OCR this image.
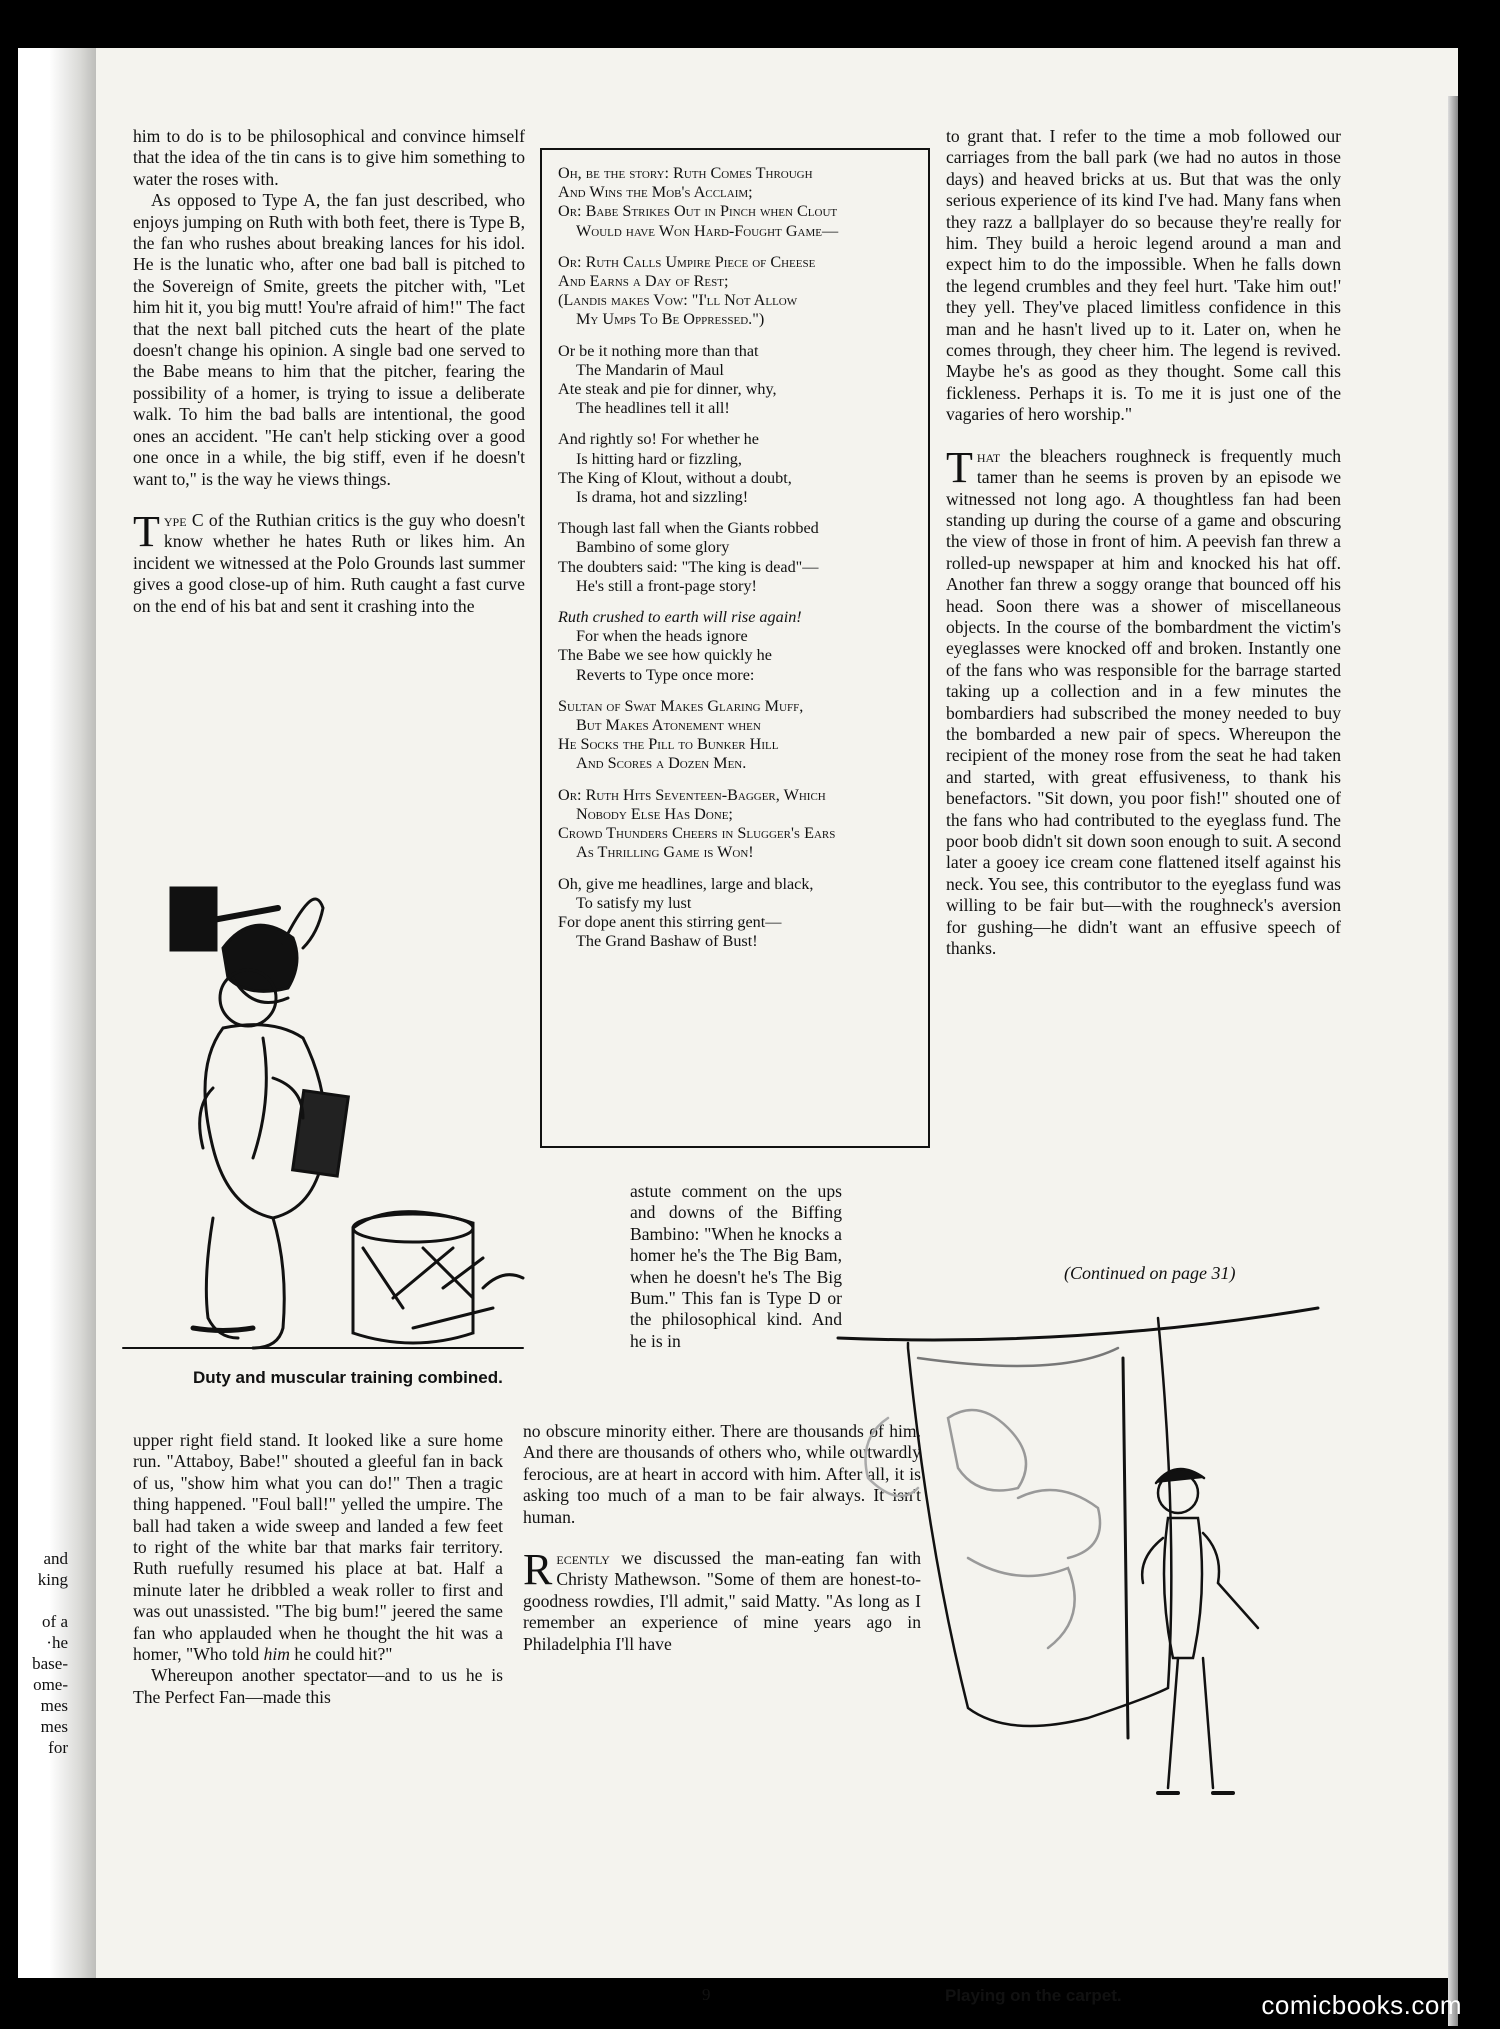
and
king

of a
·he
base-
ome-
mes
mes
for

him to do is to be philosophical and convince himself that the idea of the tin cans is to give him something to water the roses with.

As opposed to Type A, the fan just described, who enjoys jumping on Ruth with both feet, there is Type B, the fan who rushes about breaking lances for his idol. He is the lunatic who, after one bad ball is pitched to the Sovereign of Smite, greets the pitcher with, "Let him hit it, you big mutt! You're afraid of him!" The fact that the next ball pitched cuts the heart of the plate doesn't change his opinion. A single bad one served to the Babe means to him that the pitcher, fearing the possibility of a homer, is trying to issue a deliberate walk. To him the bad balls are intentional, the good ones an accident. "He can't help sticking over a good one once in a while, the big stiff, even if he doesn't want to," is the way he views things.

Type C of the Ruthian critics is the guy who doesn't know whether he hates Ruth or likes him. An incident we witnessed at the Polo Grounds last summer gives a good close-up of him. Ruth caught a fast curve on the end of his bat and sent it crashing into the

Duty and muscular training combined.

upper right field stand. It looked like a sure home run. "Attaboy, Babe!" shouted a gleeful fan in back of us, "show him what you can do!" Then a tragic thing happened. "Foul ball!" yelled the umpire. The ball had taken a wide sweep and landed a few feet to right of the white bar that marks fair territory. Ruth ruefully resumed his place at bat. Half a minute later he dribbled a weak roller to first and was out unassisted. "The big bum!" jeered the same fan who applauded when he thought the hit was a homer, "Who told him he could hit?"

Whereupon another spectator—and to us he is The Perfect Fan—made this

Oh, be the story: Ruth Comes Through
And Wins the Mob's Acclaim;
Or: Babe Strikes Out in Pinch when Clout
Would have Won Hard-Fought Game—
Or: Ruth Calls Umpire Piece of Cheese
And Earns a Day of Rest;
(Landis makes Vow: "I'll Not Allow
My Umps To Be Oppressed.")
Or be it nothing more than that
The Mandarin of Maul
Ate steak and pie for dinner, why,
The headlines tell it all!
And rightly so! For whether he
Is hitting hard or fizzling,
The King of Klout, without a doubt,
Is drama, hot and sizzling!
Though last fall when the Giants robbed
Bambino of some glory
The doubters said: "The king is dead"—
He's still a front-page story!
Ruth crushed to earth will rise again!
For when the heads ignore
The Babe we see how quickly he
Reverts to Type once more:
Sultan of Swat Makes Glaring Muff,
But Makes Atonement when
He Socks the Pill to Bunker Hill
And Scores a Dozen Men.
Or: Ruth Hits Seventeen-Bagger, Which
Nobody Else Has Done;
Crowd Thunders Cheers in Slugger's Ears
As Thrilling Game is Won!
Oh, give me headlines, large and black,
To satisfy my lust
For dope anent this stirring gent—
The Grand Bashaw of Bust!

astute comment on the ups and downs of the Biffing Bambino: "When he knocks a homer he's the The Big Bam, when he doesn't he's The Big Bum." This fan is Type D or the philosophical kind. And he is in

no obscure minority either. There are thousands of him. And there are thousands of others who, while outwardly ferocious, are at heart in accord with him. After all, it is asking too much of a man to be fair always. It isn't human.

Recently we discussed the man-eating fan with Christy Mathewson. "Some of them are honest-to-goodness rowdies, I'll admit," said Matty. "As long as I remember an experience of mine years ago in Philadelphia I'll have

to grant that. I refer to the time a mob followed our carriages from the ball park (we had no autos in those days) and heaved bricks at us. But that was the only serious experience of its kind I've had. Many fans when they razz a ballplayer do so because they're really for him. They build a heroic legend around a man and expect him to do the impossible. When he falls down the legend crumbles and they feel hurt. 'Take him out!' they yell. They've placed limitless confidence in this man and he hasn't lived up to it. Later on, when he comes through, they cheer him. The legend is revived. Maybe he's as good as they thought. Some call this fickleness. Perhaps it is. To me it is just one of the vagaries of hero worship."

That the bleachers roughneck is frequently much tamer than he seems is proven by an episode we witnessed not long ago. A thoughtless fan had been standing up during the course of a game and obscuring the view of those in front of him. A peevish fan threw a rolled-up newspaper at him and knocked his hat off. Another fan threw a soggy orange that bounced off his head. Soon there was a shower of miscellaneous objects. In the course of the bombardment the victim's eyeglasses were knocked off and broken. Instantly one of the fans who was responsible for the barrage started taking up a collection and in a few minutes the bombardiers had subscribed the money needed to buy the bombarded a new pair of specs. Whereupon the recipient of the money rose from the seat he had taken and started, with great effusiveness, to thank his benefactors. "Sit down, you poor fish!" shouted one of the fans who had contributed to the eyeglass fund. The poor boob didn't sit down soon enough to suit. A second later a gooey ice cream cone flattened itself against his neck. You see, this contributor to the eyeglass fund was willing to be fair but—with the roughneck's aversion for gushing—he didn't want an effusive speech of thanks.

(Continued on page 31)
Playing on the carpet.
9	comicbooks.com
